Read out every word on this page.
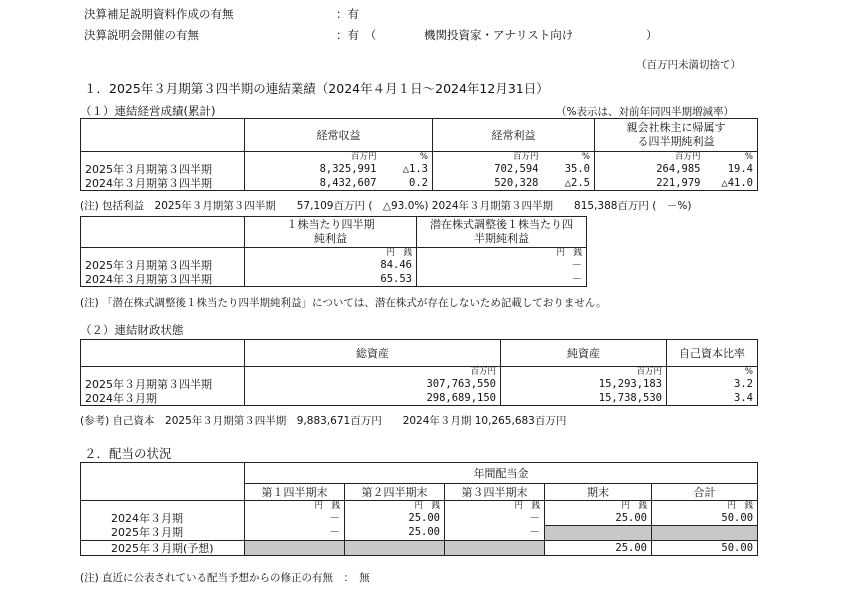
決算補足説明資料作成の有無	：有
決算説明会開催の有無	：有　（	機関投資家・アナリスト向け	）
（百万円未満切捨て）
１．2025年３月期第３四半期の連結業績（2024年４月１日～2024年12月31日）
（１）連結経営成績(累計)	（%表示は、対前年同四半期増減率）
	経常収益		経常利益		親会社株主に帰属する四半期純利益	
	百万円	%	百万円	%	百万円	%
2025年３月期第３四半期	8,325,991	△1.3	702,594	35.0	264,985	19.4
2024年３月期第３四半期	8,432,607	0.2	520,328	△2.5	221,979	△41.0
(注) 包括利益　2025年３月期第３四半期　　57,109百万円 (　△93.0%) 2024年３月期第３四半期　　815,388百万円 (　－%)
	１株当たり四半期純利益	潜在株式調整後１株当たり四半期純利益
	円　銭	円　銭
2025年３月期第３四半期	84.46	－
2024年３月期第３四半期	65.53	－
(注) 「潜在株式調整後１株当たり四半期純利益」については、潜在株式が存在しないため記載しておりません。
（２）連結財政状態
	総資産	純資産	自己資本比率
	百万円	百万円	%
2025年３月期第３四半期	307,763,550	15,293,183	3.2
2024年３月期	298,689,150	15,738,530	3.4
(参考) 自己資本　2025年３月期第３四半期　9,883,671百万円　　2024年３月期 10,265,683百万円
２．配当の状況
	年間配当金				
	第１四半期末	第２四半期末	第３四半期末	期末	合計
	円　銭	円　銭	円　銭	円　銭	円　銭
2024年３月期	－	25.00	－	25.00	50.00
2025年３月期	－	25.00	－		
2025年３月期(予想)				25.00	50.00
(注) 直近に公表されている配当予想からの修正の有無　：　無
